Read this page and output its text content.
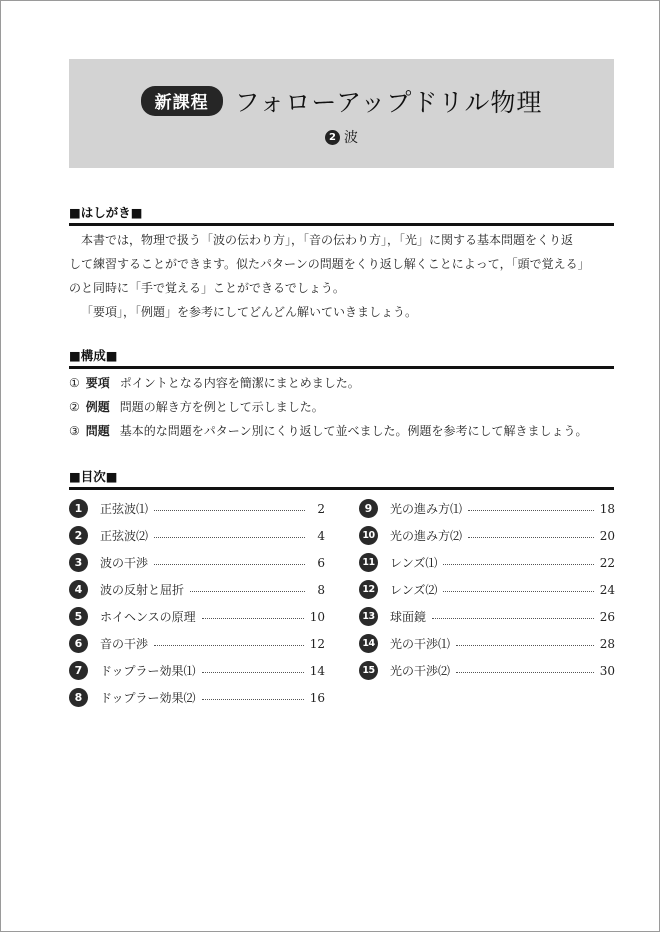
新課程	フォローアップドリル物理
2 波
■はしがき■

本書では，物理で扱う「波の伝わり方」，「音の伝わり方」，「光」に関する基本問題をくり返
して練習することができます。似たパターンの問題をくり返し解くことによって，「頭で覚える」
のと同時に「手で覚える」ことができるでしょう。
「要項」，「例題」を参考にしてどんどん解いていきましょう。

■構成■
① 要項 ポイントとなる内容を簡潔にまとめました。
② 例題 問題の解き方を例として示しました。
③ 問題 基本的な問題をパターン別にくり返して並べました。例題を参考にして解きましょう。
■目次■
1	正弦波⑴	2
2	正弦波⑵	4
3	波の干渉	6
4	波の反射と屈折	8
5	ホイヘンスの原理	10
6	音の干渉	12
7	ドップラー効果⑴	14
8	ドップラー効果⑵	16
9	光の進み方⑴	18
10 光の進み方⑵	20
11 レンズ⑴	22
12 レンズ⑵	24
13 球面鏡	26
14 光の干渉⑴	28
15 光の干渉⑵	30
